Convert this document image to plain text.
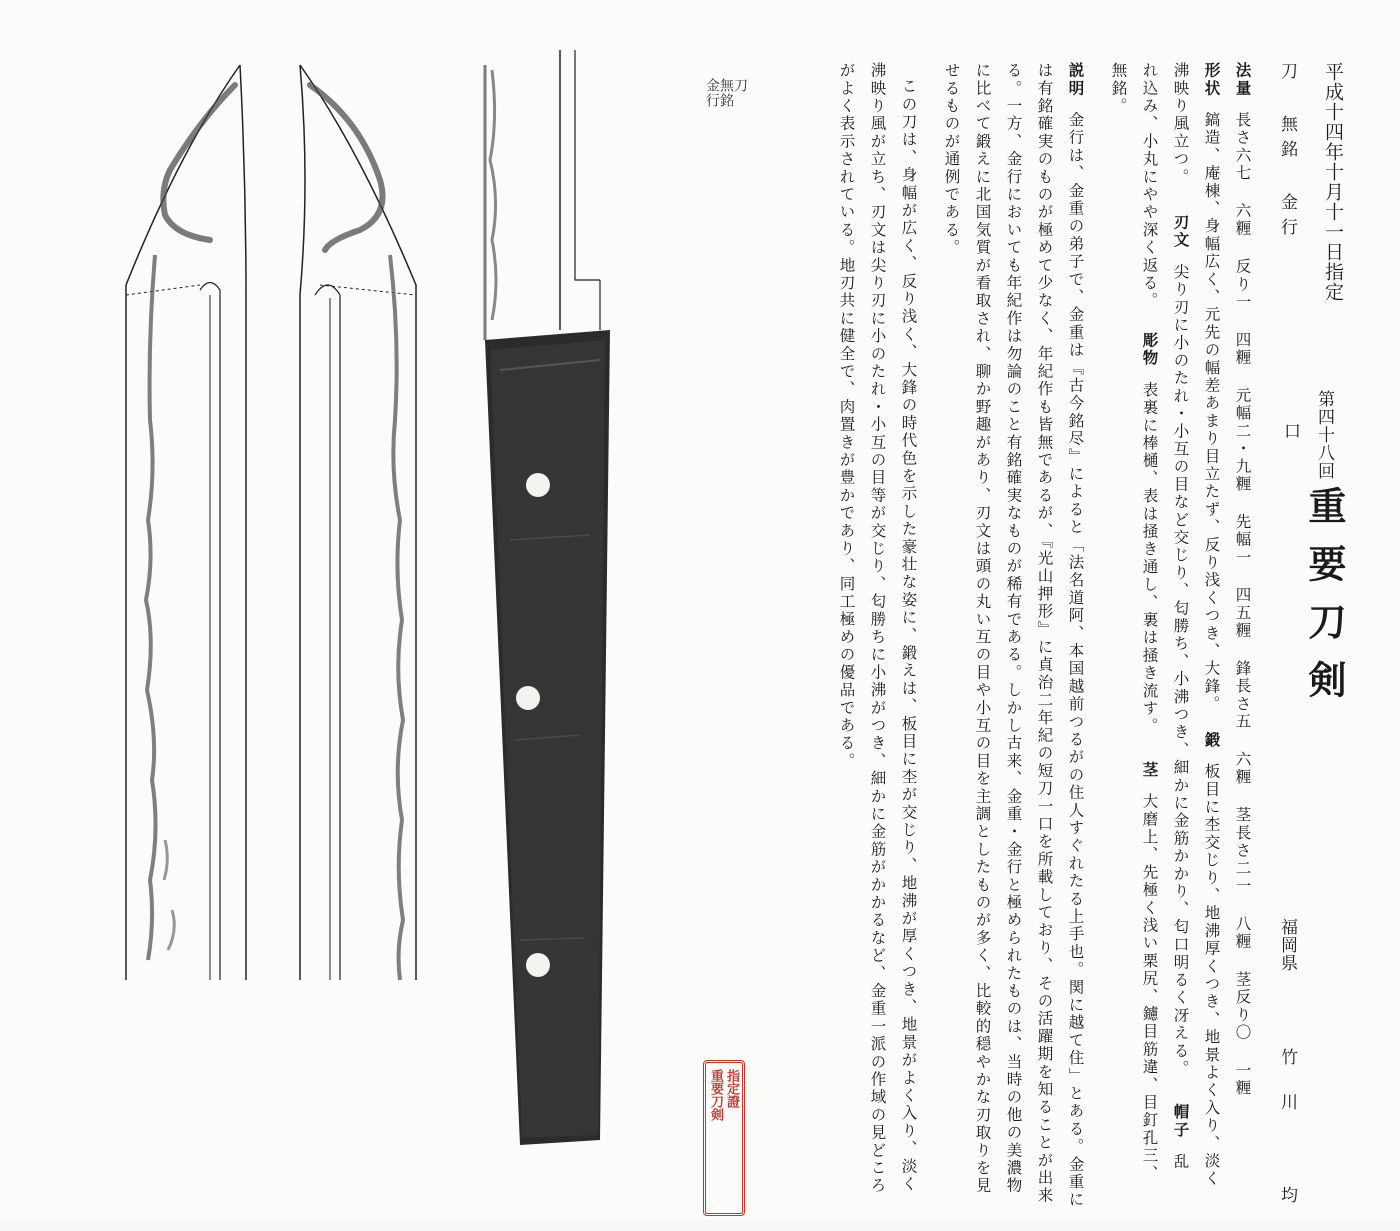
刀
無銘
金行
重要刀剣 指定證
平成十四年十月十一日指定
第四十八回
重要刀剣
刀 無銘 金行
口
福岡県
竹川 均
法量長さ六七 六糎 反り一 四糎 元幅二・九糎 先幅一 四五糎 鋒長さ五 六糎 茎長さ二一 八糎 茎反り〇 一糎
形状鎬造、庵棟、身幅広く、元先の幅差あまり目立たず、反り浅くつき、大鋒。鍛板目に杢交じり、地沸厚くつき、地景よく入り、淡く
沸映り風立つ。刃文尖り刃に小のたれ・小互の目など交じり、匂勝ち、小沸つき、細かに金筋かかり、匂口明るく冴える。帽子乱
れ込み、小丸にやや深く返る。彫物表裏に棒樋、表は掻き通し、裏は掻き流す。茎大磨上、先極く浅い栗尻、鑢目筋違、目釘孔三、
無銘。
説明金行は、金重の弟子で、金重は『古今銘尽』によると「法名道阿、本国越前つるがの住人すぐれたる上手也。関に越て住」とある。金重に
は有銘確実のものが極めて少なく、年紀作も皆無であるが、『光山押形』に貞治二年紀の短刀一口を所載しており、その活躍期を知ることが出来
る。一方、金行においても年紀作は勿論のこと有銘確実なものが稀有である。しかし古来、金重・金行と極められたものは、当時の他の美濃物
に比べて鍛えに北国気質が看取され、聊か野趣があり、刃文は頭の丸い互の目や小互の目を主調としたものが多く、比較的穏やかな刃取りを見
せるものが通例である。
この刀は、身幅が広く、反り浅く、大鋒の時代色を示した豪壮な姿に、鍛えは、板目に杢が交じり、地沸が厚くつき、地景がよく入り、淡く
沸映り風が立ち、刃文は尖り刃に小のたれ・小互の目等が交じり、匂勝ちに小沸がつき、細かに金筋がかかるなど、金重一派の作域の見どころ
がよく表示されている。地刃共に健全で、肉置きが豊かであり、同工極めの優品である。
